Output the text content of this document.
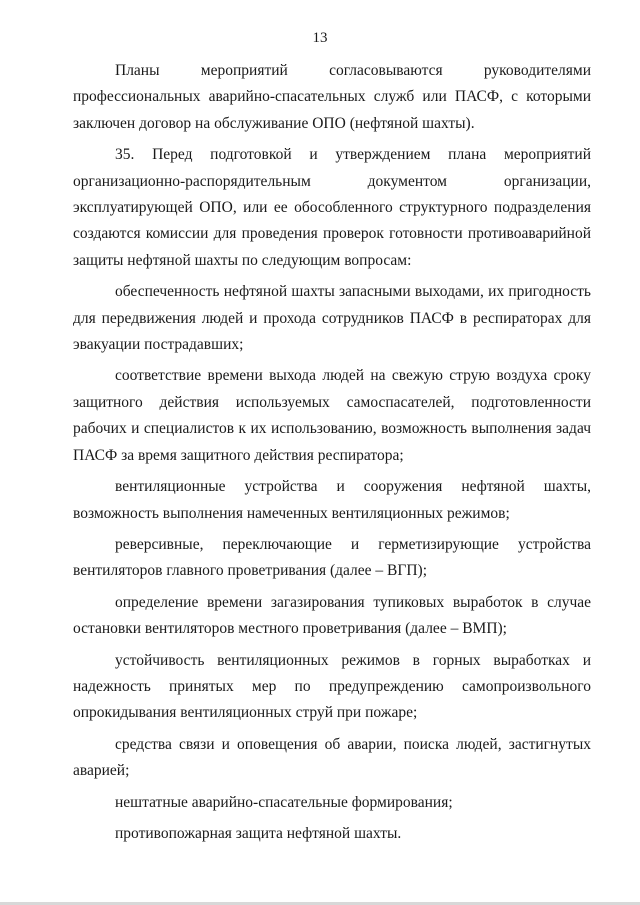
13

Планы мероприятий согласовываются руководителями профессиональных аварийно-спасательных служб или ПАСФ, с которыми заключен договор на обслуживание ОПО (нефтяной шахты).

35. Перед подготовкой и утверждением плана мероприятий организационно-распорядительным документом организации, эксплуатирующей ОПО, или ее обособленного структурного подразделения создаются комиссии для проведения проверок готовности противоаварийной защиты нефтяной шахты по следующим вопросам:

обеспеченность нефтяной шахты запасными выходами, их пригодность для передвижения людей и прохода сотрудников ПАСФ в респираторах для эвакуации пострадавших;

соответствие времени выхода людей на свежую струю воздуха сроку защитного действия используемых самоспасателей, подготовленности рабочих и специалистов к их использованию, возможность выполнения задач ПАСФ за время защитного действия респиратора;

вентиляционные устройства и сооружения нефтяной шахты, возможность выполнения намеченных вентиляционных режимов;

реверсивные, переключающие и герметизирующие устройства вентиляторов главного проветривания (далее – ВГП);

определение времени загазирования тупиковых выработок в случае остановки вентиляторов местного проветривания (далее – ВМП);

устойчивость вентиляционных режимов в горных выработках и надежность принятых мер по предупреждению самопроизвольного опрокидывания вентиляционных струй при пожаре;

средства связи и оповещения об аварии, поиска людей, застигнутых аварией;

нештатные аварийно-спасательные формирования;

противопожарная защита нефтяной шахты.
